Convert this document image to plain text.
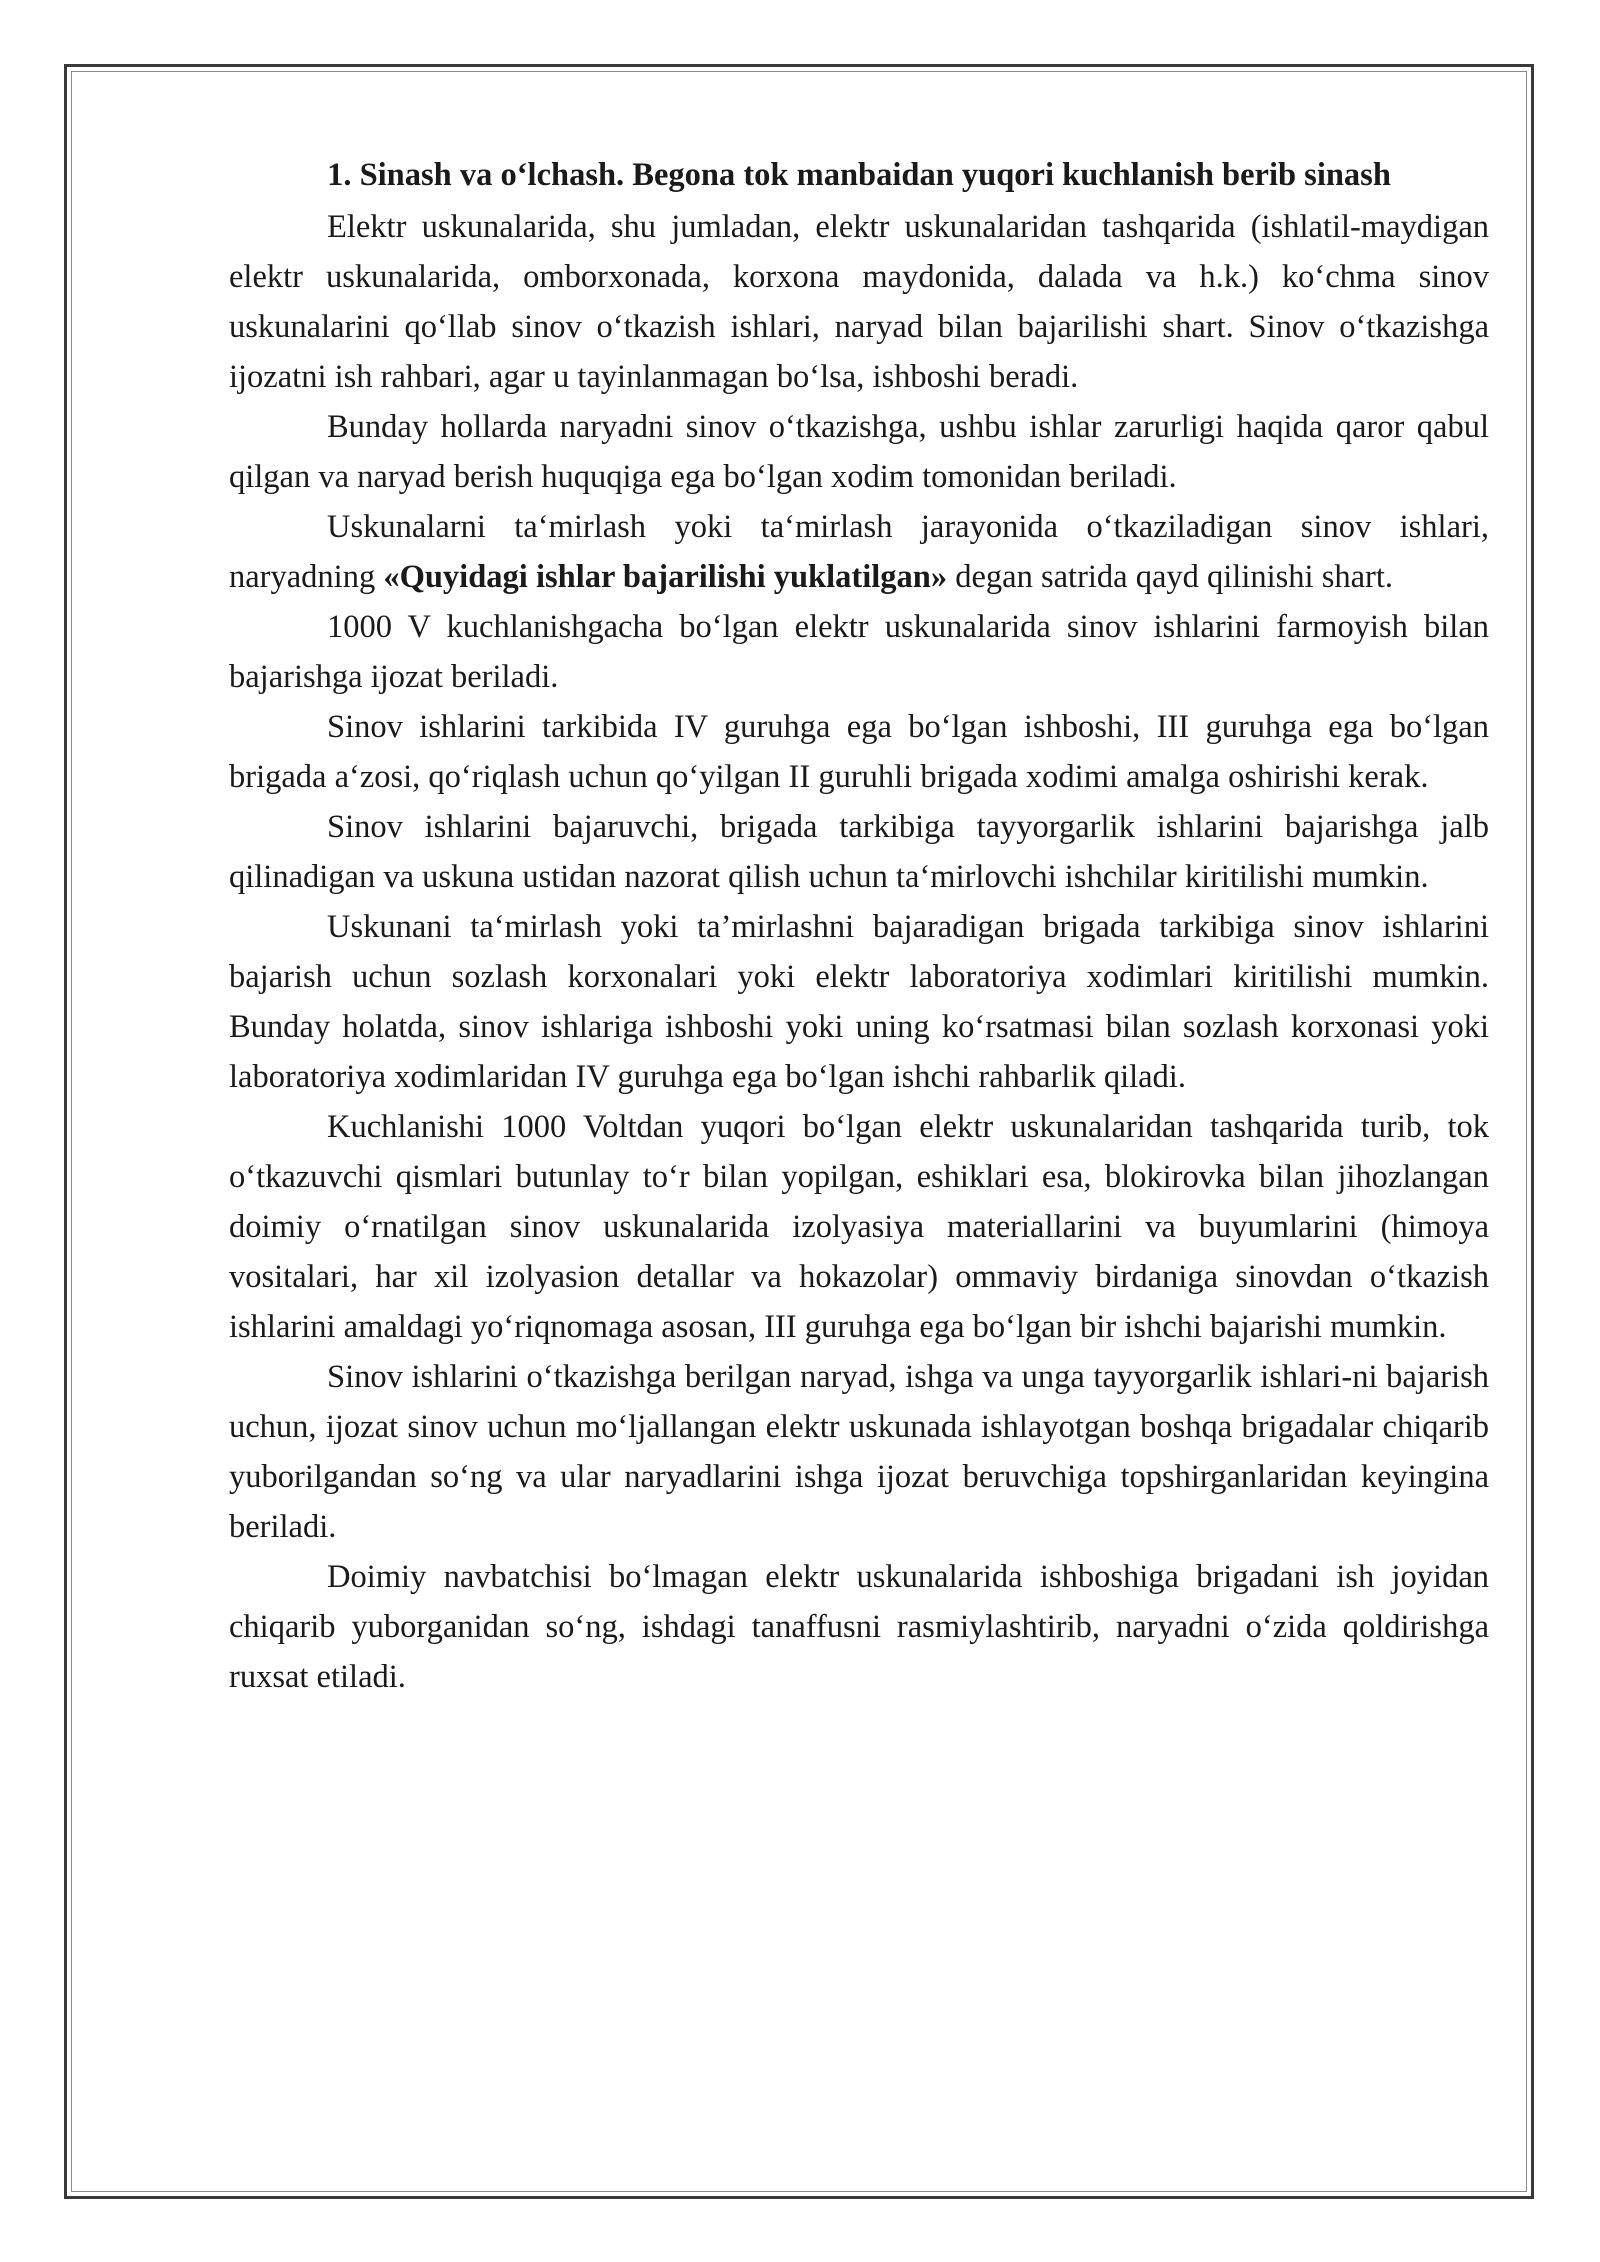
1. Sinash va o‘lchash. Begona tok manbaidan yuqori kuchlanish berib sinash

Elektr uskunalarida, shu jumladan, elektr uskunalaridan tashqarida (ishlatil-maydigan elektr uskunalarida, omborxonada, korxona maydonida, dalada va h.k.) ko‘chma sinov uskunalarini qo‘llab sinov o‘tkazish ishlari, naryad bilan bajarilishi shart. Sinov o‘tkazishga ijozatni ish rahbari, agar u tayinlanmagan bo‘lsa, ishboshi beradi.

Bunday hollarda naryadni sinov o‘tkazishga, ushbu ishlar zarurligi haqida qaror qabul qilgan va naryad berish huquqiga ega bo‘lgan xodim tomonidan beriladi.

Uskunalarni ta‘mirlash yoki ta‘mirlash jarayonida o‘tkaziladigan sinov ishlari, naryadning «Quyidagi ishlar bajarilishi yuklatilgan» degan satrida qayd qilinishi shart.

1000 V kuchlanishgacha bo‘lgan elektr uskunalarida sinov ishlarini farmoyish bilan bajarishga ijozat beriladi.

Sinov ishlarini tarkibida IV guruhga ega bo‘lgan ishboshi, III guruhga ega bo‘lgan brigada a‘zosi, qo‘riqlash uchun qo‘yilgan II guruhli brigada xodimi amalga oshirishi kerak.

Sinov ishlarini bajaruvchi, brigada tarkibiga tayyorgarlik ishlarini bajarishga jalb qilinadigan va uskuna ustidan nazorat qilish uchun ta‘mirlovchi ishchilar kiritilishi mumkin.

Uskunani ta‘mirlash yoki ta’mirlashni bajaradigan brigada tarkibiga sinov ishlarini bajarish uchun sozlash korxonalari yoki elektr laboratoriya xodimlari kiritilishi mumkin. Bunday holatda, sinov ishlariga ishboshi yoki uning ko‘rsatmasi bilan sozlash korxonasi yoki laboratoriya xodimlaridan IV guruhga ega bo‘lgan ishchi rahbarlik qiladi.

Kuchlanishi 1000 Voltdan yuqori bo‘lgan elektr uskunalaridan tashqarida turib, tok o‘tkazuvchi qismlari butunlay to‘r bilan yopilgan, eshiklari esa, blokirovka bilan jihozlangan doimiy o‘rnatilgan sinov uskunalarida izolyasiya materiallarini va buyumlarini (himoya vositalari, har xil izolyasion detallar va hokazolar) ommaviy birdaniga sinovdan o‘tkazish ishlarini amaldagi yo‘riqnomaga asosan, III guruhga ega bo‘lgan bir ishchi bajarishi mumkin.

Sinov ishlarini o‘tkazishga berilgan naryad, ishga va unga tayyorgarlik ishlari-ni bajarish uchun, ijozat sinov uchun mo‘ljallangan elektr uskunada ishlayotgan boshqa brigadalar chiqarib yuborilgandan so‘ng va ular naryadlarini ishga ijozat beruvchiga topshirganlaridan keyingina beriladi.

Doimiy navbatchisi bo‘lmagan elektr uskunalarida ishboshiga brigadani ish joyidan chiqarib yuborganidan so‘ng, ishdagi tanaffusni rasmiylashtirib, naryadni o‘zida qoldirishga ruxsat etiladi.
